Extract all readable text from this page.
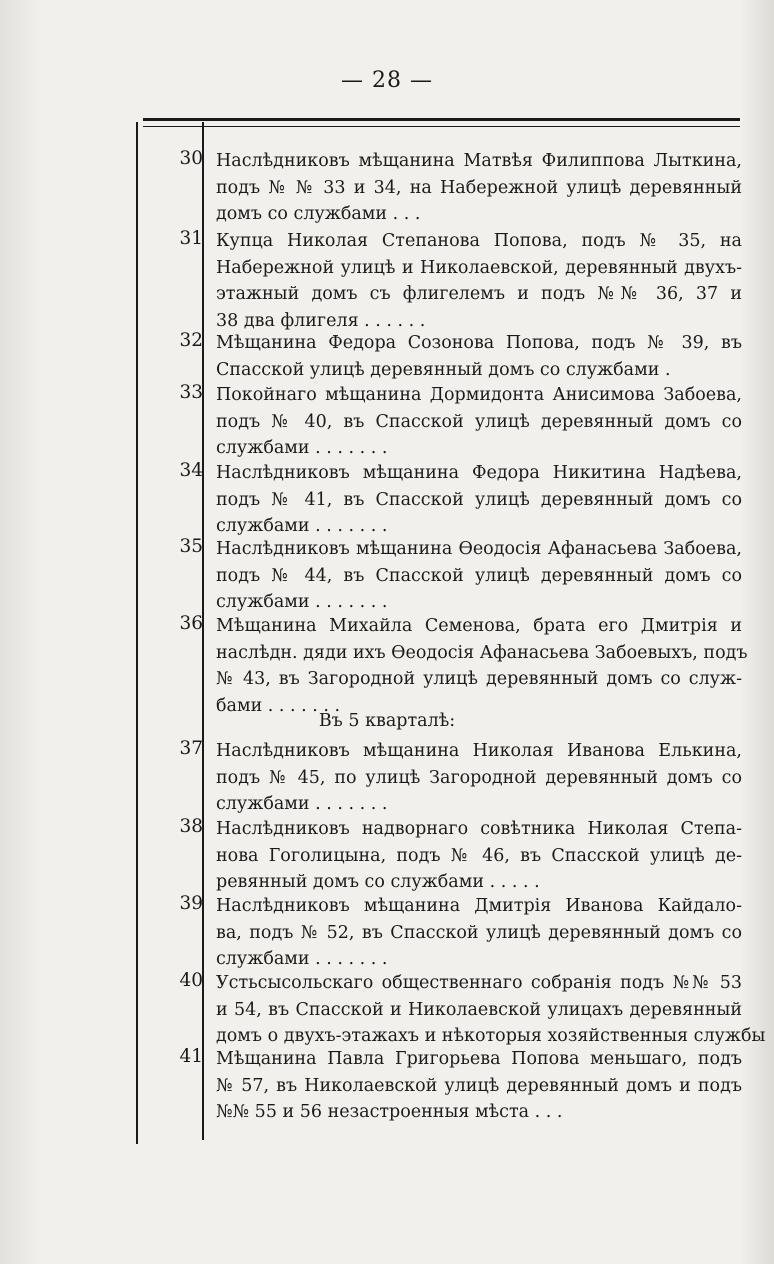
— 28 —
30 Наслѣдниковъ мѣщанина Матвѣя Филиппова Лыткина,
подъ № № 33 и 34, на Набережной улицѣ деревянный
домъ со службами . . .
31 Купца Николая Степанова Попова, подъ № 35, на
Набережной улицѣ и Николаевской, деревянный двухъ-
этажный домъ съ флигелемъ и подъ №№ 36, 37 и
38 два флигеля . . . . . .
32 Мѣщанина Федора Созонова Попова, подъ № 39, въ
Спасской улицѣ деревянный домъ со службами .
33 Покойнаго мѣщанина Дормидонта Анисимова Забоева,
подъ № 40, въ Спасской улицѣ деревянный домъ со
службами . . . . . . .
34 Наслѣдниковъ мѣщанина Федора Никитина Надѣева,
подъ № 41, въ Спасской улицѣ деревянный домъ со
службами . . . . . . .
35 Наслѣдниковъ мѣщанина Ѳеодосія Афанасьева Забоева,
подъ № 44, въ Спасской улицѣ деревянный домъ со
службами . . . . . . .
36 Мѣщанина Михайла Семенова, брата его Дмитрія и
наслѣдн. дяди ихъ Ѳеодосія Афанасьева Забоевыхъ, подъ
№ 43, въ Загородной улицѣ деревянный домъ со служ-
бами . . . . . . .
37 Наслѣдниковъ мѣщанина Николая Иванова Елькина,
подъ № 45, по улицѣ Загородной деревянный домъ со
службами . . . . . . .
38 Наслѣдниковъ надворнаго совѣтника Николая Степа-
нова Гоголицына, подъ № 46, въ Спасской улицѣ де-
ревянный домъ со службами . . . . .
39 Наслѣдниковъ мѣщанина Дмитрія Иванова Кайдало-
ва, подъ № 52, въ Спасской улицѣ деревянный домъ со
службами . . . . . . .
40 Устьсысольскаго общественнаго собранія подъ №№ 53
и 54, въ Спасской и Николаевской улицахъ деревянный
домъ о двухъ-этажахъ и нѣкоторыя хозяйственныя службы
41 Мѣщанина Павла Григорьева Попова меньшаго, подъ
№ 57, въ Николаевской улицѣ деревянный домъ и подъ
№№ 55 и 56 незастроенныя мѣста . . .
Въ 5 кварталѣ:
